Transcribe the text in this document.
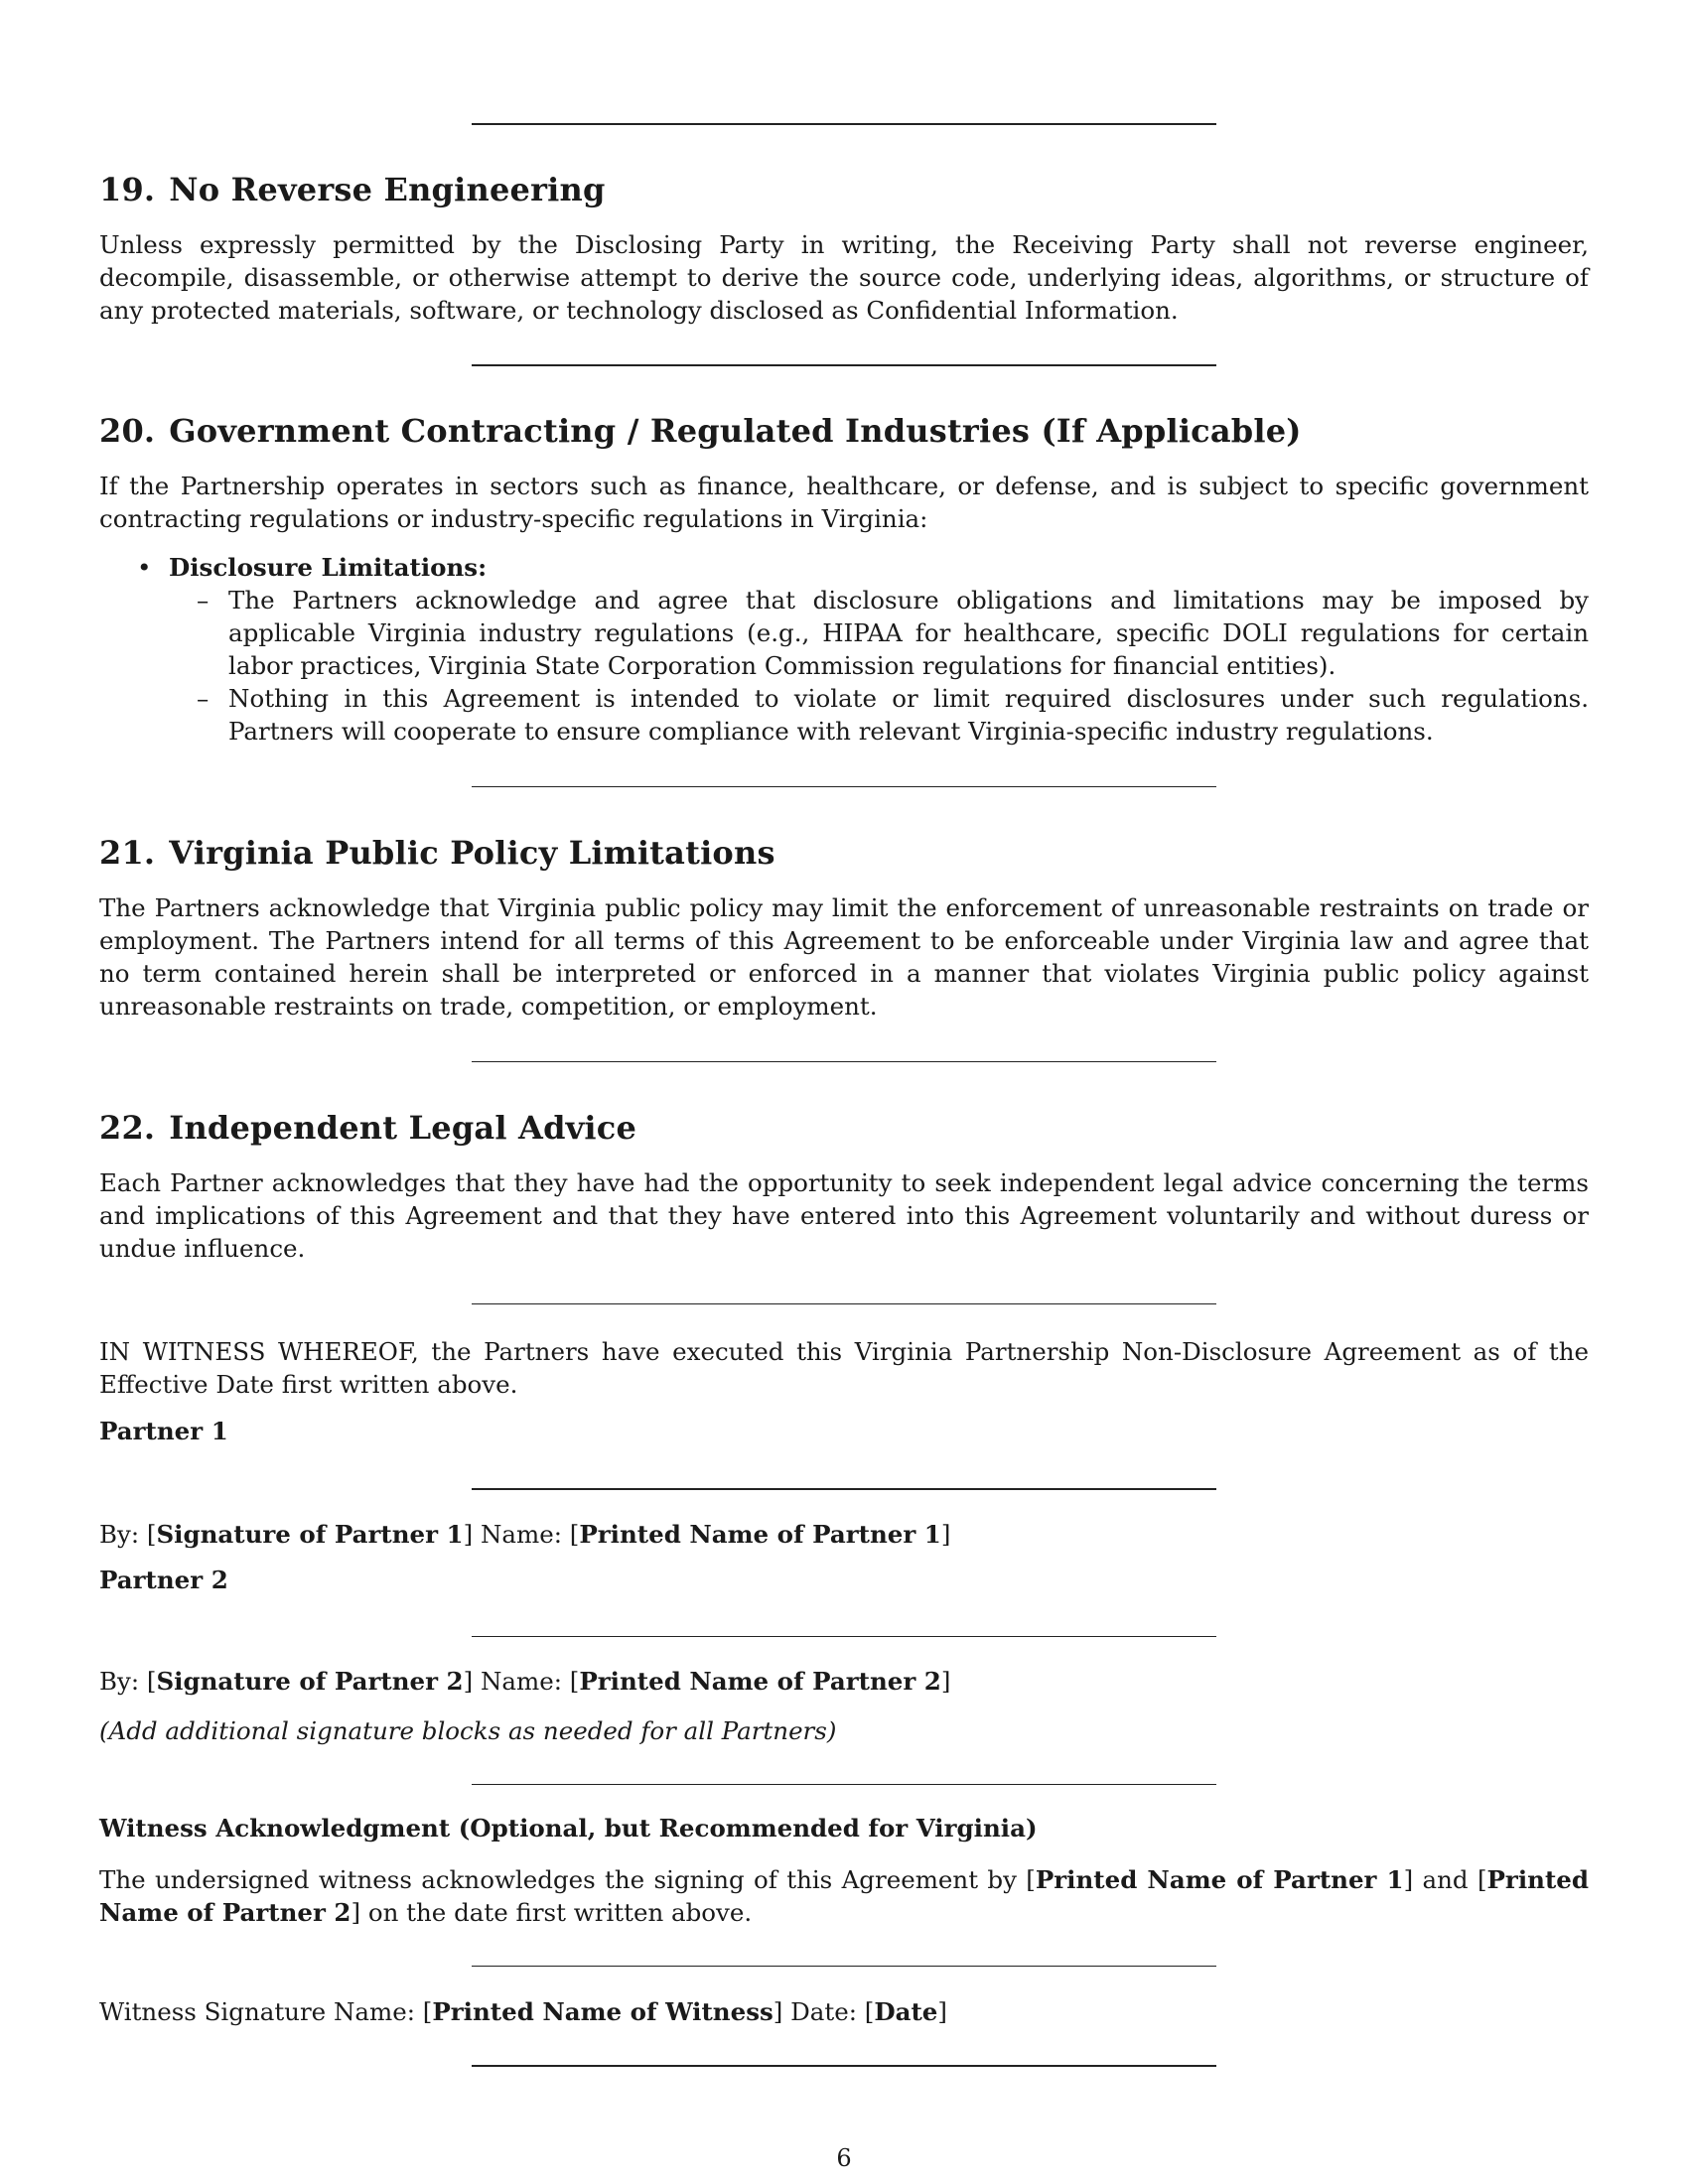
19. No Reverse Engineering

Unless expressly permitted by the Disclosing Party in writing, the Receiving Party shall not reverse engineer, decompile, disassemble, or otherwise attempt to derive the source code, underlying ideas, algorithms, or structure of any protected materials, software, or technology disclosed as Confidential Information.

20. Government Contracting / Regulated Industries (If Applicable)

If the Partnership operates in sectors such as finance, healthcare, or defense, and is subject to specific government contracting regulations or industry-specific regulations in Virginia:

• Disclosure Limitations:
– The Partners acknowledge and agree that disclosure obligations and limitations may be imposed by applicable Virginia industry regulations (e.g., HIPAA for healthcare, specific DOLI regulations for certain labor practices, Virginia State Corporation Commission regulations for financial entities).
– Nothing in this Agreement is intended to violate or limit required disclosures under such regulations. Partners will cooperate to ensure compliance with relevant Virginia-specific industry regulations.
21. Virginia Public Policy Limitations

The Partners acknowledge that Virginia public policy may limit the enforcement of unreasonable restraints on trade or employment. The Partners intend for all terms of this Agreement to be enforceable under Virginia law and agree that no term contained herein shall be interpreted or enforced in a manner that violates Virginia public policy against unreasonable restraints on trade, competition, or employment.

22. Independent Legal Advice

Each Partner acknowledges that they have had the opportunity to seek independent legal advice concerning the terms and implications of this Agreement and that they have entered into this Agreement voluntarily and without duress or undue influence.

IN WITNESS WHEREOF, the Partners have executed this Virginia Partnership Non-Disclosure Agreement as of the Effective Date first written above.

Partner 1

By: [Signature of Partner 1] Name: [Printed Name of Partner 1]

Partner 2

By: [Signature of Partner 2] Name: [Printed Name of Partner 2]

(Add additional signature blocks as needed for all Partners)

Witness Acknowledgment (Optional, but Recommended for Virginia)

The undersigned witness acknowledges the signing of this Agreement by [Printed Name of Partner 1] and [Printed Name of Partner 2] on the date first written above.

Witness Signature Name: [Printed Name of Witness] Date: [Date]

6
